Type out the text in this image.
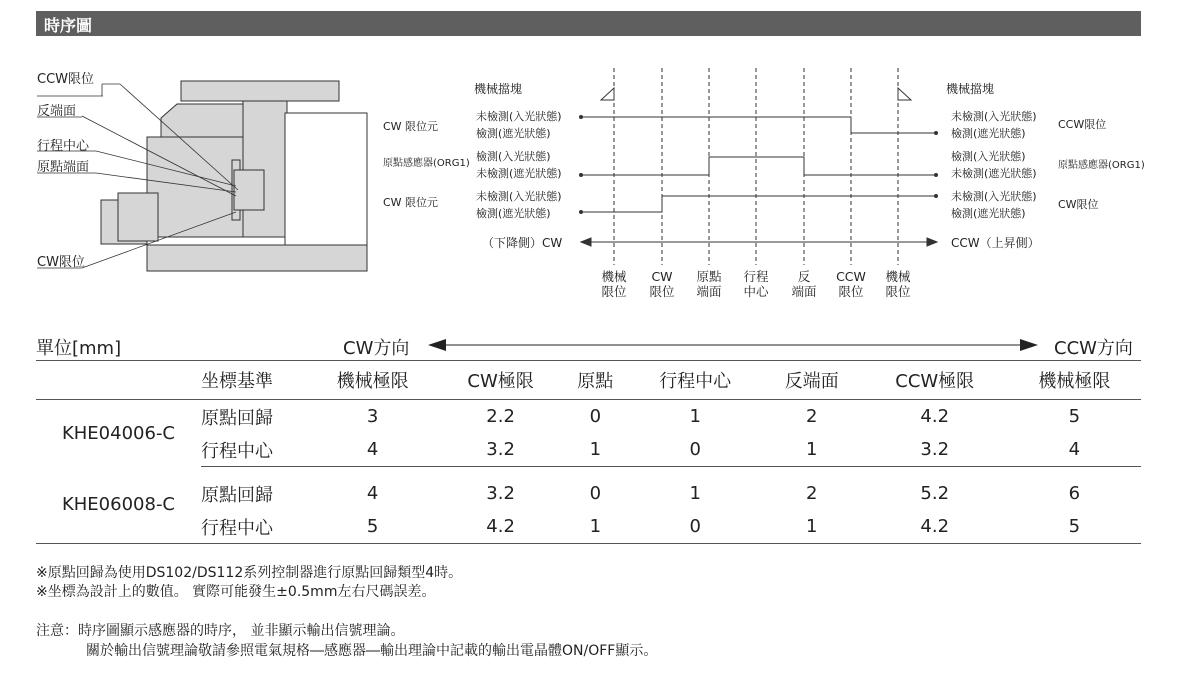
時序圖
CCW限位
反端面
行程中心
原點端面
CW限位
機械擋塊	機械擋塊
CW 限位元
原點感應器(ORG1)
CW 限位元
未檢測(入光狀態)
檢測(遮光狀態)
檢測(入光狀態)
未檢測(遮光狀態)
未檢測(入光狀態)
檢測(遮光狀態)
未檢測(入光狀態)
檢測(遮光狀態)
檢測(入光狀態)
未檢測(遮光狀態)
未檢測(入光狀態)
檢測(遮光狀態)
CCW限位
原點感應器(ORG1)
CW限位
（下降側）CW	CCW（上昇側）
機械
限位
CW
限位
原點
端面
行程
中心
反
端面
CCW
限位
機械
限位
單位[mm]	CW方向	CCW方向
	坐標基準	機械極限	CW極限	原點	行程中心	反端面	CCW極限	機械極限
KHE04006-C	原點回歸	3	2.2	0	1	2	4.2	5
	行程中心	4	3.2	1	0	1	3.2	4
KHE06008-C	原點回歸	4	3.2	0	1	2	5.2	6
	行程中心	5	4.2	1	0	1	4.2	5
※原點回歸為使用DS102/DS112系列控制器進行原點回歸類型4時。
※坐標為設計上的數值。 實際可能發生±0.5mm左右尺碼誤差。
注意：時序圖顯示感應器的時序， 並非顯示輸出信號理論。
關於輸出信號理論敬請參照電氣規格―感應器―輸出理論中記載的輸出電晶體ON/OFF顯示。
